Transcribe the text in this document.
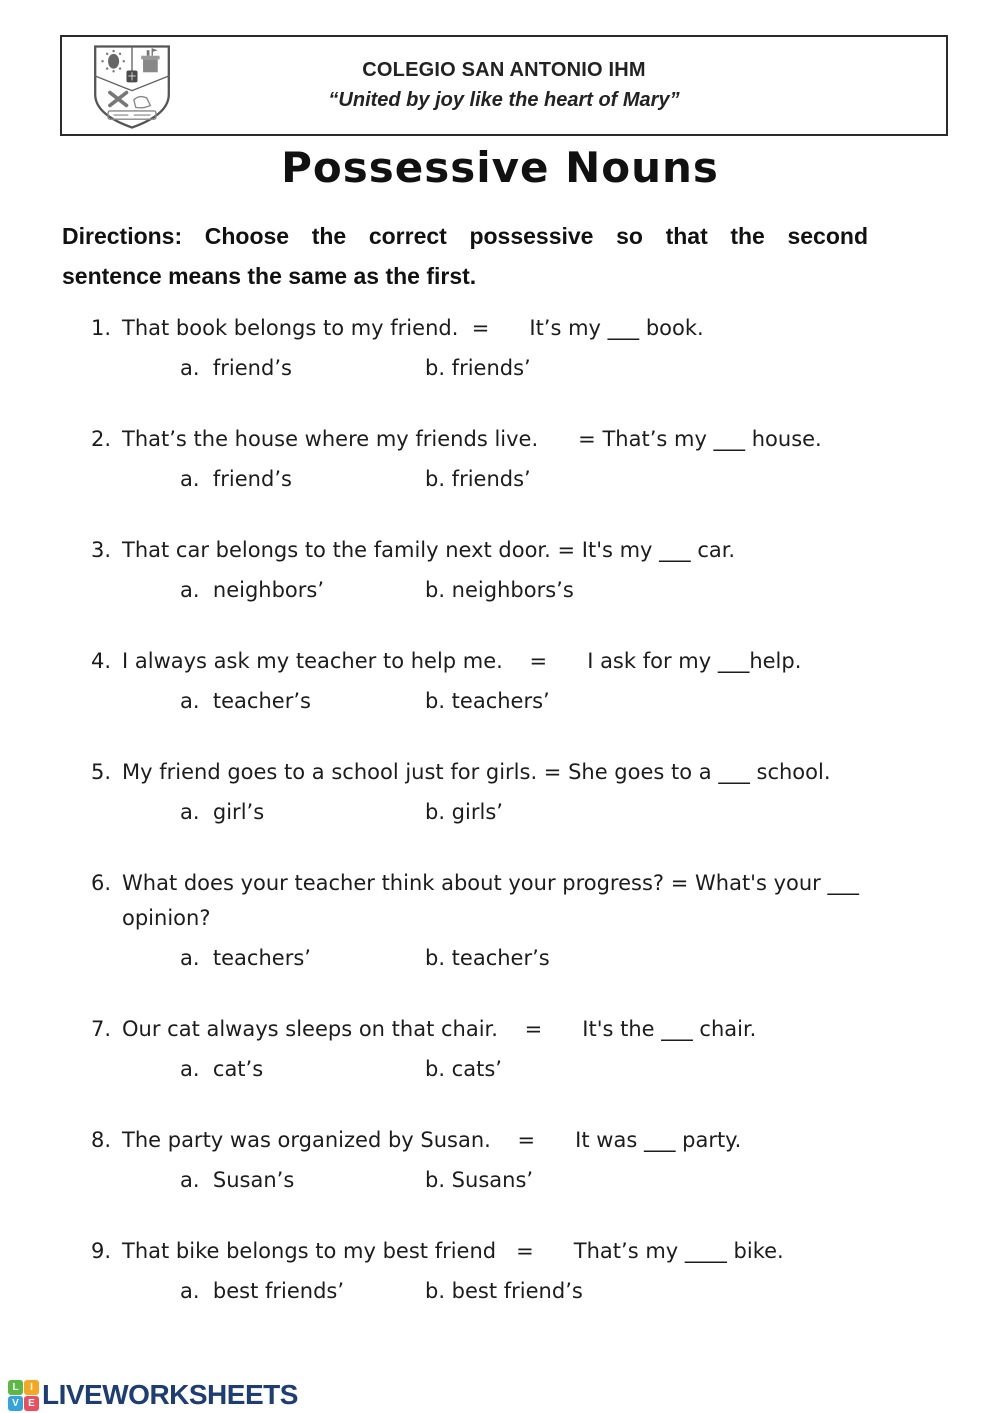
COLEGIO SAN ANTONIO IHM
“United by joy like the heart of Mary”
Possessive Nouns
Directions: Choose the correct possessive so that the second
sentence means the same as the first.
1. That book belongs to my friend.  =      It’s my ___ book.
a.  friend’s	b. friends’
2. That’s the house where my friends live.      = That’s my ___ house.
a.  friend’s	b. friends’
3. That car belongs to the family next door. = It's my ___ car.
a.  neighbors’	b. neighbors’s
4. I always ask my teacher to help me.    =      I ask for my ___help.
a.  teacher’s	b. teachers’
5. My friend goes to a school just for girls. = She goes to a ___ school.
a.  girl’s	b. girls’
6. What does your teacher think about your progress? = What's your ___
opinion?
a.  teachers’	b. teacher’s
7. Our cat always sleeps on that chair.    =      It's the ___ chair.
a.  cat’s	b. cats’
8. The party was organized by Susan.    =      It was ___ party.
a.  Susan’s	b. Susans’
9. That bike belongs to my best friend   =      That’s my ____ bike.
a.  best friends’	b. best friend’s
L	I
V E LIVEWORKSHEETS
